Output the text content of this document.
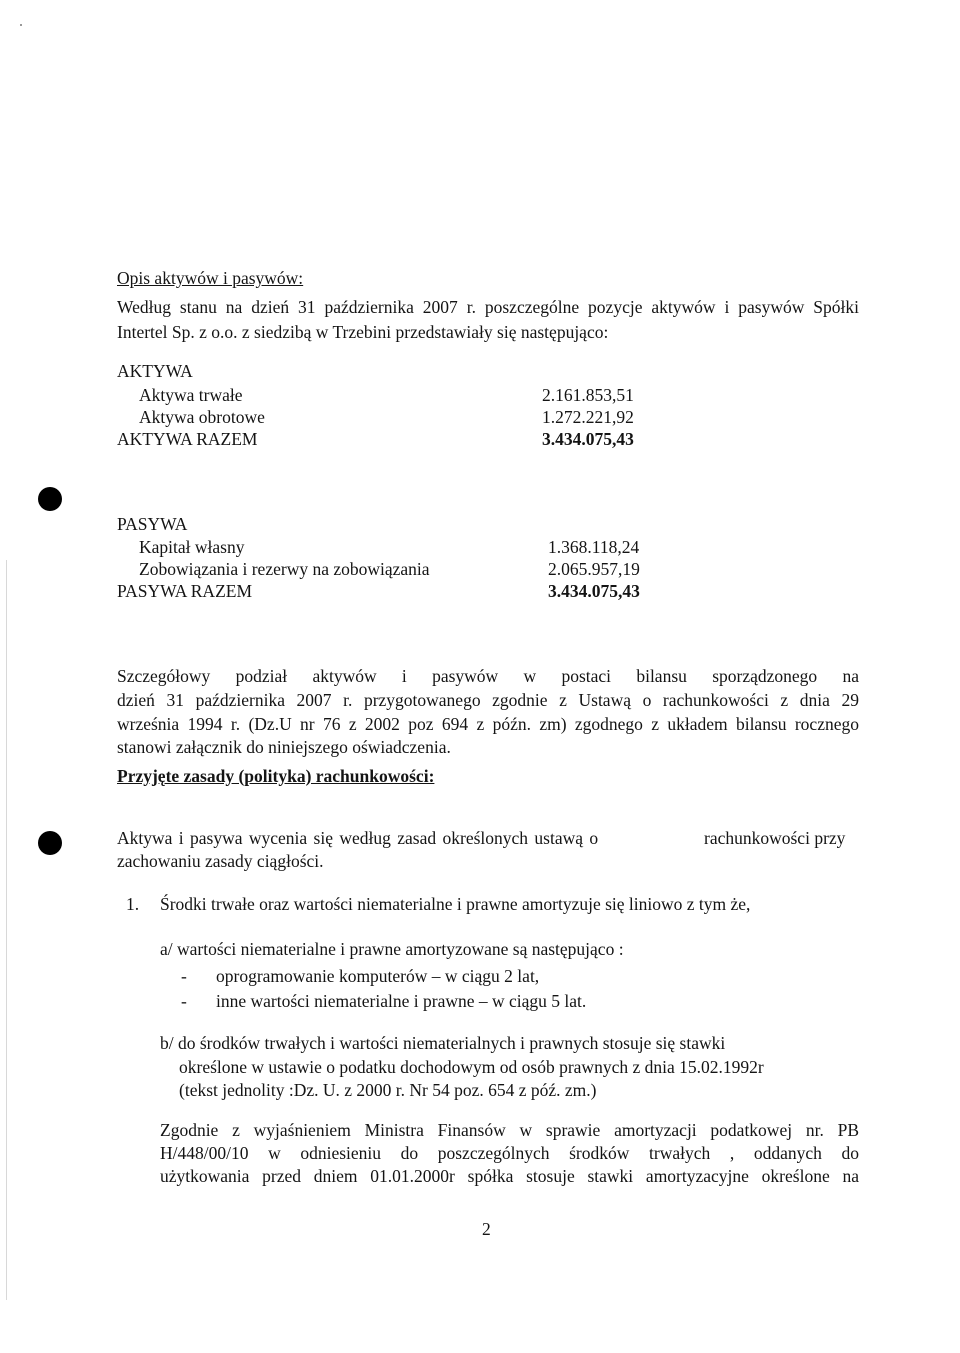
Opis aktywów i pasywów:
Według stanu na dzień 31 października 2007 r. poszczególne pozycje aktywów i pasywów Spółki
Intertel Sp. z o.o. z siedzibą w Trzebini przedstawiały się następująco:
AKTYWA
Aktywa trwałe	2.161.853,51
Aktywa obrotowe	1.272.221,92
AKTYWA RAZEM	3.434.075,43
PASYWA
Kapitał własny	1.368.118,24
Zobowiązania i rezerwy na zobowiązania	2.065.957,19
PASYWA RAZEM	3.434.075,43
Szczegółowy podział aktywów i pasywów w postaci bilansu sporządzonego na
dzień 31 października 2007 r. przygotowanego zgodnie z Ustawą o rachunkowości z dnia 29
września 1994 r. (Dz.U nr 76 z 2002 poz 694 z późn. zm) zgodnego z układem bilansu rocznego
stanowi załącznik do niniejszego oświadczenia.
Przyjęte zasady (polityka) rachunkowości:
Aktywa i pasywa wycenia się według zasad określonych ustawą o	rachunkowości przy
zachowaniu zasady ciągłości.
1. Środki trwałe oraz wartości niematerialne i prawne amortyzuje się liniowo z tym że,
a/ wartości niematerialne i prawne amortyzowane są następująco :
- oprogramowanie komputerów – w ciągu 2 lat,
- inne wartości niematerialne i prawne – w ciągu 5 lat.
b/ do środków trwałych i wartości niematerialnych i prawnych stosuje się stawki
określone w ustawie o podatku dochodowym od osób prawnych z dnia 15.02.1992r
(tekst jednolity :Dz. U. z 2000 r. Nr 54 poz. 654 z póź. zm.)
Zgodnie z wyjaśnieniem Ministra Finansów w sprawie amortyzacji podatkowej nr. PB
H/448/00/10 w odniesieniu do poszczególnych środków trwałych , oddanych do
użytkowania przed dniem 01.01.2000r spółka stosuje stawki amortyzacyjne określone na
2
